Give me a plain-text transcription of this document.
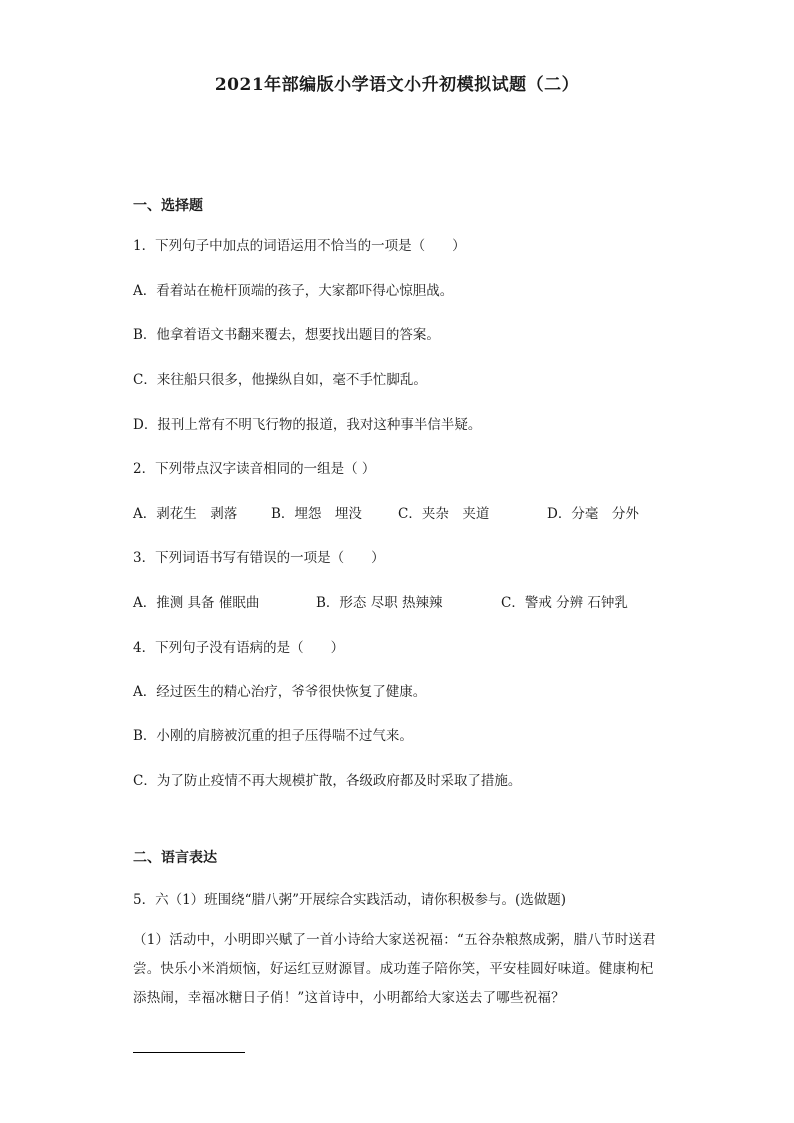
2021年部编版小学语文小升初模拟试题（二）
一、选择题
1．下列句子中加点的词语运用不恰当的一项是（　　）
A．看着站在桅杆顶端的孩子，大家都吓得心惊胆战。
B．他拿着语文书翻来覆去，想要找出题目的答案。
C．来往船只很多，他操纵自如，毫不手忙脚乱。
D．报刊上常有不明飞行物的报道，我对这种事半信半疑。
2．下列带点汉字读音相同的一组是（ ）
A．剥花生　剥落	B．埋怨　埋没	C．夹杂　夹道	D．分毫　分外
3．下列词语书写有错误的一项是（　　）
A．推测 具备 催眠曲	B．形态 尽职 热辣辣	C．警戒 分辨 石钟乳
4．下列句子没有语病的是（　　）
A．经过医生的精心治疗，爷爷很快恢复了健康。
B．小刚的肩膀被沉重的担子压得喘不过气来。
C．为了防止疫情不再大规模扩散，各级政府都及时采取了措施。
二、语言表达
5．六（1）班围绕“腊八粥”开展综合实践活动，请你积极参与。(选做题)
（1）活动中，小明即兴赋了一首小诗给大家送祝福：“五谷杂粮熬成粥，腊八节时送君尝。快乐小米消烦恼，好运红豆财源冒。成功莲子陪你笑，平安桂圆好味道。健康枸杞添热闹，幸福冰糖日子俏！”这首诗中，小明都给大家送去了哪些祝福？
